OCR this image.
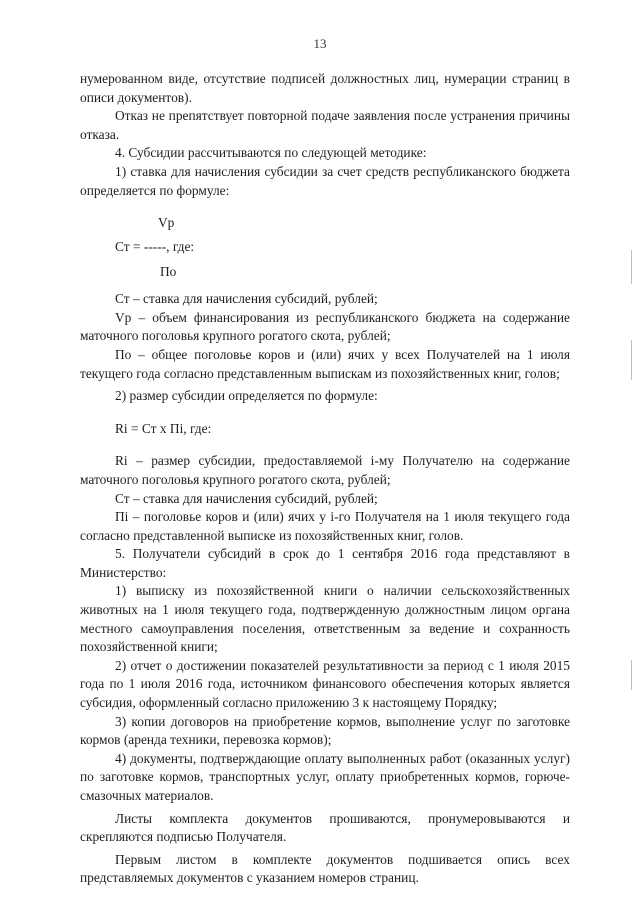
13

нумерованном виде, отсутствие подписей должностных лиц, нумерации страниц в описи документов).

Отказ не препятствует повторной подаче заявления после устранения причины отказа.

4. Субсидии рассчитываются по следующей методике:

1) ставка для начисления субсидии за счет средств республиканского бюджета определяется по формуле:

Vp
Ст = -----, где:
По

Ст – ставка для начисления субсидий, рублей;

Vp – объем финансирования из республиканского бюджета на содержание маточного поголовья крупного рогатого скота, рублей;

По – общее поголовье коров и (или) ячих у всех Получателей на 1 июля текущего года согласно представленным выпискам из похозяйственных книг, голов;

2) размер субсидии определяется по формуле:

Ri = Ст х Пi, где:

Ri – размер субсидии, предоставляемой i-му Получателю на содержание маточного поголовья крупного рогатого скота, рублей;

Ст – ставка для начисления субсидий, рублей;

Пi – поголовье коров и (или) ячих у i-го Получателя на 1 июля текущего года согласно представленной выписке из похозяйственных книг, голов.

5. Получатели субсидий в срок до 1 сентября 2016 года представляют в Министерство:

1) выписку из похозяйственной книги о наличии сельскохозяйственных животных на 1 июля текущего года, подтвержденную должностным лицом органа местного самоуправления поселения, ответственным за ведение и сохранность похозяйственной книги;

2) отчет о достижении показателей результативности за период с 1 июля 2015 года по 1 июля 2016 года, источником финансового обеспечения которых является субсидия, оформленный согласно приложению 3 к настоящему Порядку;

3) копии договоров на приобретение кормов, выполнение услуг по заготовке кормов (аренда техники, перевозка кормов);

4) документы, подтверждающие оплату выполненных работ (оказанных услуг) по заготовке кормов, транспортных услуг, оплату приобретенных кормов, горюче-смазочных материалов.

Листы комплекта документов прошиваются, пронумеровываются и скрепляются подписью Получателя.

Первым листом в комплекте документов подшивается опись всех представляемых документов с указанием номеров страниц.
